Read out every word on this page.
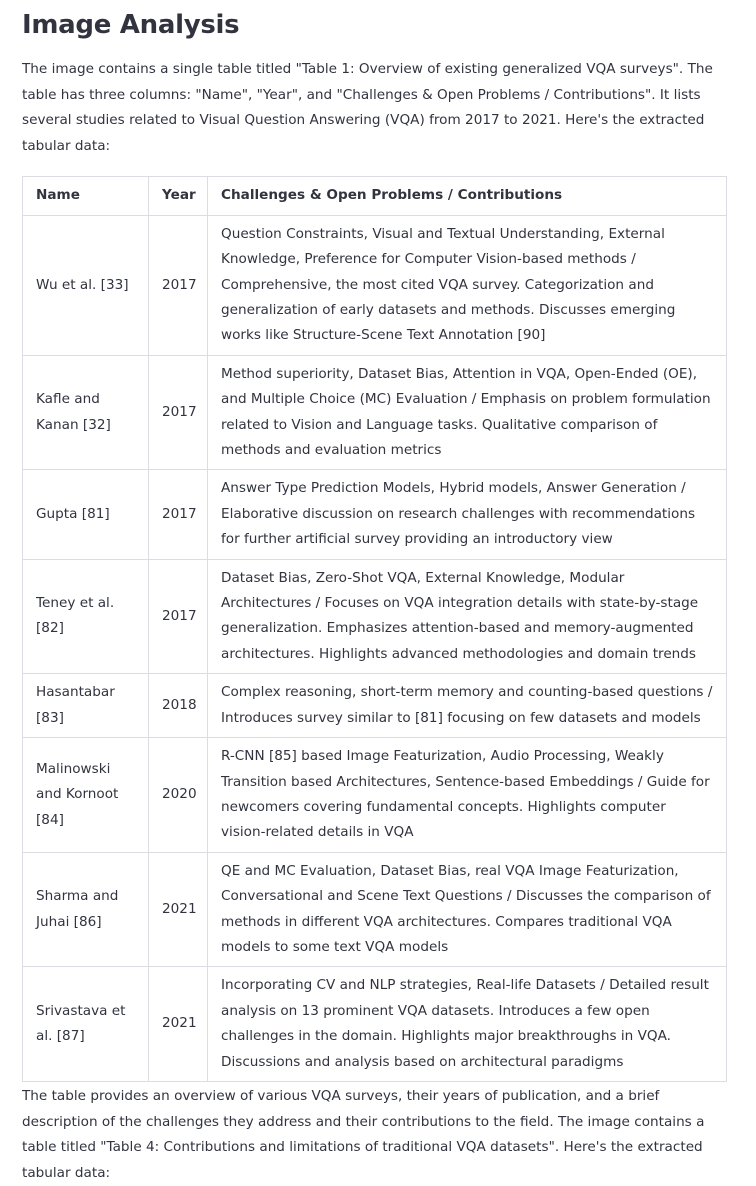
Image Analysis

The image contains a single table titled "Table 1: Overview of existing generalized VQA surveys". The table has three columns: "Name", "Year", and "Challenges & Open Problems / Contributions". It lists several studies related to Visual Question Answering (VQA) from 2017 to 2021. Here's the extracted tabular data:

Name	Year	Challenges & Open Problems / Contributions
Wu et al. [33]	2017	Question Constraints, Visual and Textual Understanding, External Knowledge, Preference for Computer Vision-based methods / Comprehensive, the most cited VQA survey. Categorization and generalization of early datasets and methods. Discusses emerging works like Structure-Scene Text Annotation [90]
Kafle and Kanan [32]	2017	Method superiority, Dataset Bias, Attention in VQA, Open-Ended (OE), and Multiple Choice (MC) Evaluation / Emphasis on problem formulation related to Vision and Language tasks. Qualitative comparison of methods and evaluation metrics
Gupta [81]	2017	Answer Type Prediction Models, Hybrid models, Answer Generation / Elaborative discussion on research challenges with recommendations for further artificial survey providing an introductory view
Teney et al. [82]	2017	Dataset Bias, Zero-Shot VQA, External Knowledge, Modular Architectures / Focuses on VQA integration details with state-by-stage generalization. Emphasizes attention-based and memory-augmented architectures. Highlights advanced methodologies and domain trends
Hasantabar [83]	2018	Complex reasoning, short-term memory and counting-based questions / Introduces survey similar to [81] focusing on few datasets and models
Malinowski and Kornoot [84]	2020	R-CNN [85] based Image Featurization, Audio Processing, Weakly Transition based Architectures, Sentence-based Embeddings / Guide for newcomers covering fundamental concepts. Highlights computer vision-related details in VQA
Sharma and Juhai [86]	2021	QE and MC Evaluation, Dataset Bias, real VQA Image Featurization, Conversational and Scene Text Questions / Discusses the comparison of methods in different VQA architectures. Compares traditional VQA models to some text VQA models
Srivastava et al. [87]	2021	Incorporating CV and NLP strategies, Real-life Datasets / Detailed result analysis on 13 prominent VQA datasets. Introduces a few open challenges in the domain. Highlights major breakthroughs in VQA. Discussions and analysis based on architectural paradigms

The table provides an overview of various VQA surveys, their years of publication, and a brief description of the challenges they address and their contributions to the field. The image contains a table titled "Table 4: Contributions and limitations of traditional VQA datasets". Here's the extracted tabular data:
